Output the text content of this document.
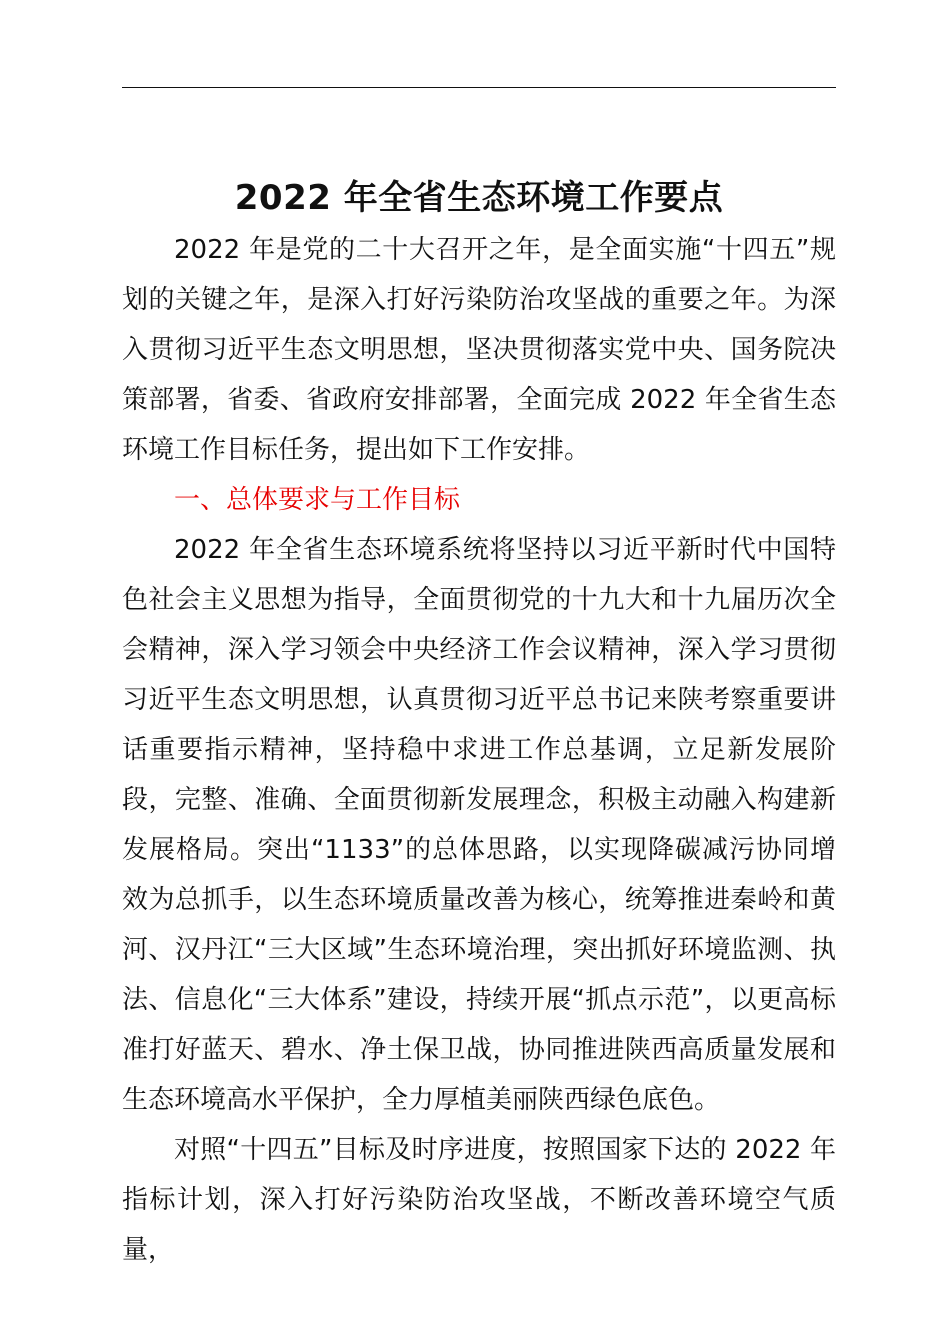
2022 年全省生态环境工作要点

2022 年是党的二十大召开之年，是全面实施“十四五”规划的关键之年，是深入打好污染防治攻坚战的重要之年。为深入贯彻习近平生态文明思想，坚决贯彻落实党中央、国务院决策部署，省委、省政府安排部署，全面完成 2022 年全省生态环境工作目标任务，提出如下工作安排。

一、总体要求与工作目标

2022 年全省生态环境系统将坚持以习近平新时代中国特色社会主义思想为指导，全面贯彻党的十九大和十九届历次全会精神，深入学习领会中央经济工作会议精神，深入学习贯彻习近平生态文明思想，认真贯彻习近平总书记来陕考察重要讲话重要指示精神，坚持稳中求进工作总基调，立足新发展阶段，完整、准确、全面贯彻新发展理念，积极主动融入构建新发展格局。突出“1133”的总体思路，以实现降碳减污协同增效为总抓手，以生态环境质量改善为核心，统筹推进秦岭和黄河、汉丹江“三大区域”生态环境治理，突出抓好环境监测、执法、信息化“三大体系”建设，持续开展“抓点示范”，以更高标准打好蓝天、碧水、净土保卫战，协同推进陕西高质量发展和生态环境高水平保护，全力厚植美丽陕西绿色底色。

对照“十四五”目标及时序进度，按照国家下达的 2022 年指标计划，深入打好污染防治攻坚战，不断改善环境空气质量，
